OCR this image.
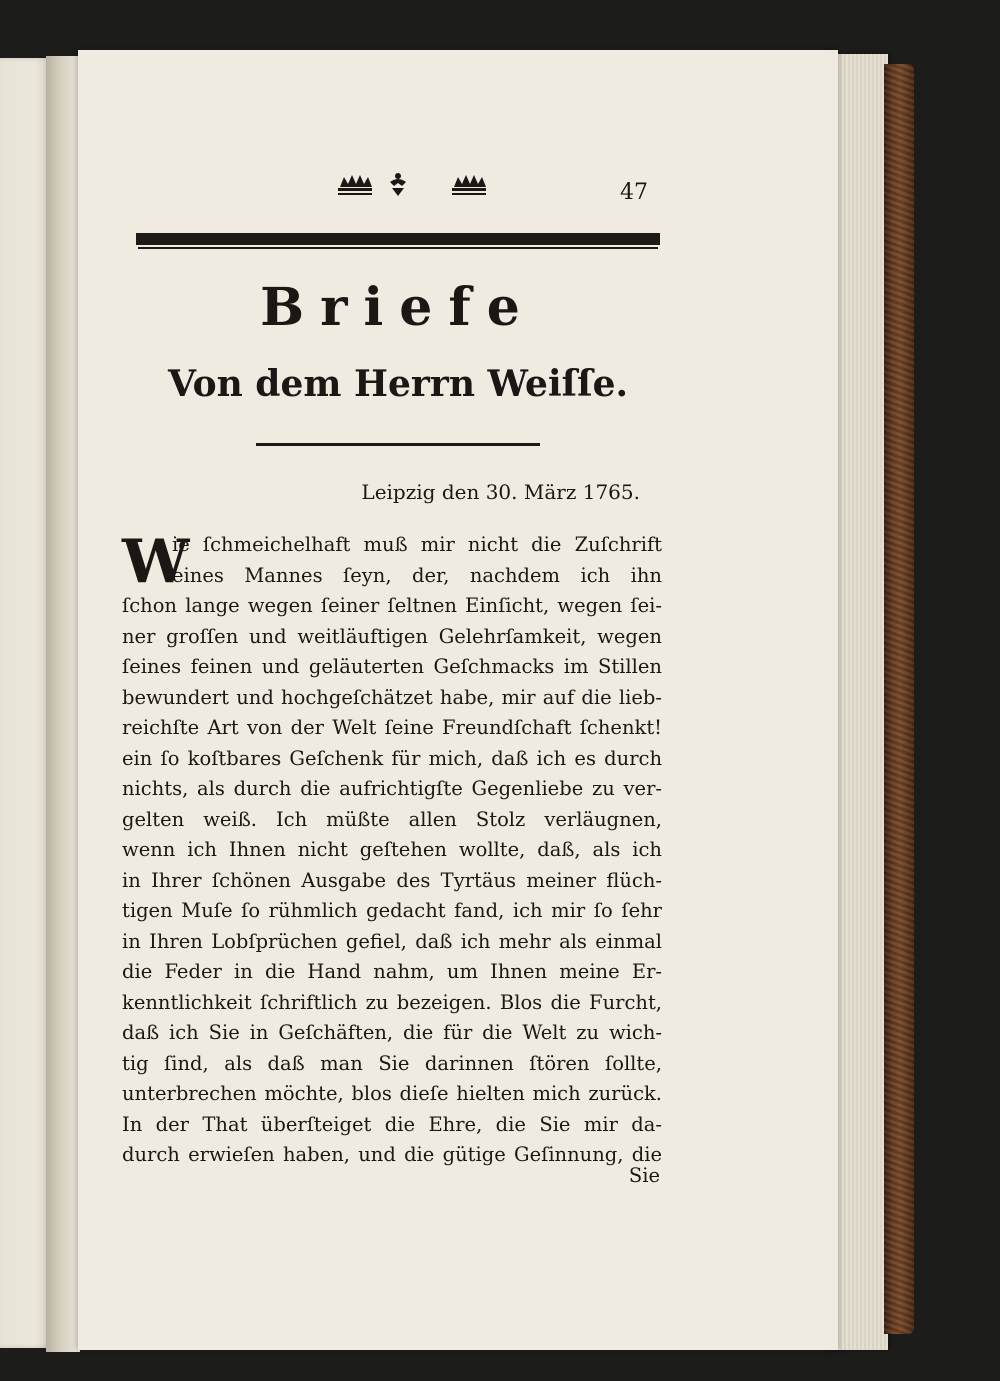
47

Briefe
Von dem Herrn Weiſſe.

Leipzig den 30. März 1765.

W
ie ſchmeichelhaft muß mir nicht die Zuſchrift
eines Mannes ſeyn, der, nachdem ich ihn
ſchon lange wegen ſeiner ſeltnen Einſicht, wegen ſei-
ner groſſen und weitläuftigen Gelehrſamkeit, wegen
ſeines feinen und geläuterten Geſchmacks im Stillen
bewundert und hochgeſchätzet habe, mir auf die lieb-
reichſte Art von der Welt ſeine Freundſchaft ſchenkt!
ein ſo koſtbares Geſchenk für mich, daß ich es durch
nichts, als durch die aufrichtigſte Gegenliebe zu ver-
gelten weiß. Ich müßte allen Stolz verläugnen,
wenn ich Ihnen nicht geſtehen wollte, daß, als ich
in Ihrer ſchönen Ausgabe des Tyrtäus meiner flüch-
tigen Muſe ſo rühmlich gedacht fand, ich mir ſo ſehr
in Ihren Lobſprüchen gefiel, daß ich mehr als einmal
die Feder in die Hand nahm, um Ihnen meine Er-
kenntlichkeit ſchriftlich zu bezeigen. Blos die Furcht,
daß ich Sie in Geſchäften, die für die Welt zu wich-
tig ſind, als daß man Sie darinnen ſtören ſollte,
unterbrechen möchte, blos dieſe hielten mich zurück.
In der That überſteiget die Ehre, die Sie mir da-
durch erwieſen haben, und die gütige Geſinnung, die

Sie
